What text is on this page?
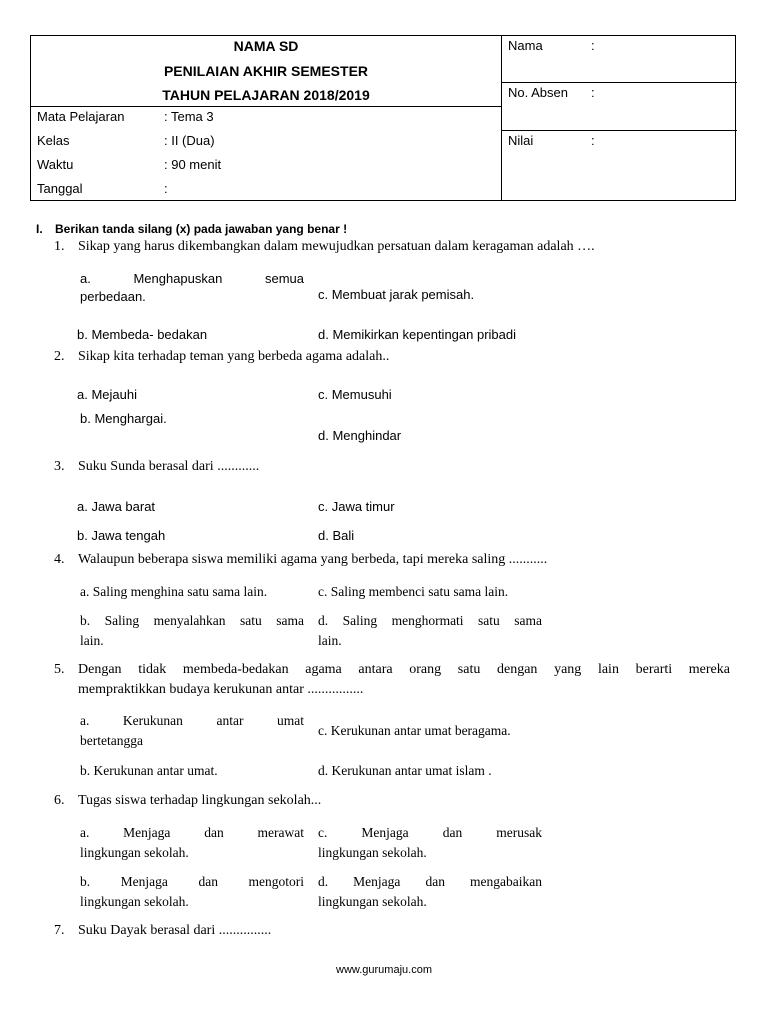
NAMA SD
PENILAIAN AKHIR SEMESTER
TAHUN PELAJARAN 2018/2019
Mata Pelajaran	: Tema 3
Kelas	: II (Dua)
Waktu	: 90 menit
Tanggal	:
Nama	:
No. Absen :
Nilai	:
I. Berikan tanda silang (x) pada jawaban yang benar !
1. Sikap yang harus dikembangkan dalam mewujudkan persatuan dalam keragaman adalah ….
a.	Menghapuskan	semua
perbedaan.	c. Membuat jarak pemisah.
b. Membeda- bedakan	d. Memikirkan kepentingan pribadi
2. Sikap kita terhadap teman yang berbeda agama adalah..
a. Mejauhi	c. Memusuhi
b. Menghargai.
d. Menghindar
3. Suku Sunda berasal dari ............
a. Jawa barat	c. Jawa timur
b. Jawa tengah	d. Bali
4. Walaupun beberapa siswa memiliki agama yang berbeda, tapi mereka saling ...........
a. Saling menghina satu sama lain.	c. Saling membenci satu sama lain.
b. Saling menyalahkan satu sama
lain.
d. Saling menghormati satu sama
lain.
5. Dengan tidak membeda-bedakan agama antara orang satu dengan yang lain berarti mereka
mempraktikkan budaya kerukunan antar ................
a. Kerukunan antar umat
bertetangga
c. Kerukunan antar umat beragama.
b. Kerukunan antar umat.	d. Kerukunan antar umat islam .
6. Tugas siswa terhadap lingkungan sekolah...
a. Menjaga dan merawat
lingkungan sekolah.
c. Menjaga dan merusak
lingkungan sekolah.
b. Menjaga dan mengotori
lingkungan sekolah.
d. Menjaga dan mengabaikan
lingkungan sekolah.
7. Suku Dayak berasal dari ...............
www.gurumaju.com
